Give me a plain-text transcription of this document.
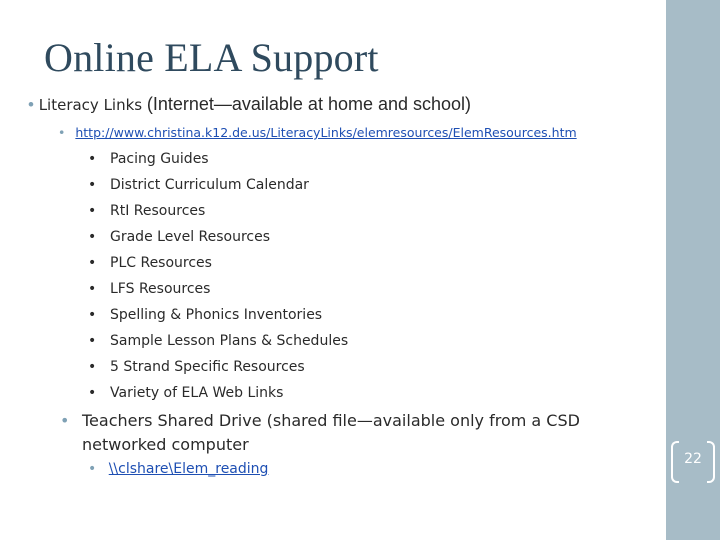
Online ELA Support
• Literacy Links (Internet—available at home and school)
• http://www.christina.k12.de.us/LiteracyLinks/elemresources/ElemResources.htm
• Pacing Guides
• District Curriculum Calendar
• RtI Resources
• Grade Level Resources
• PLC Resources
• LFS Resources
• Spelling & Phonics Inventories
• Sample Lesson Plans & Schedules
• 5 Strand Specific Resources
• Variety of ELA Web Links
• Teachers Shared Drive (shared file—available only from a CSD networked computer
• \\clshare\Elem_reading
22
